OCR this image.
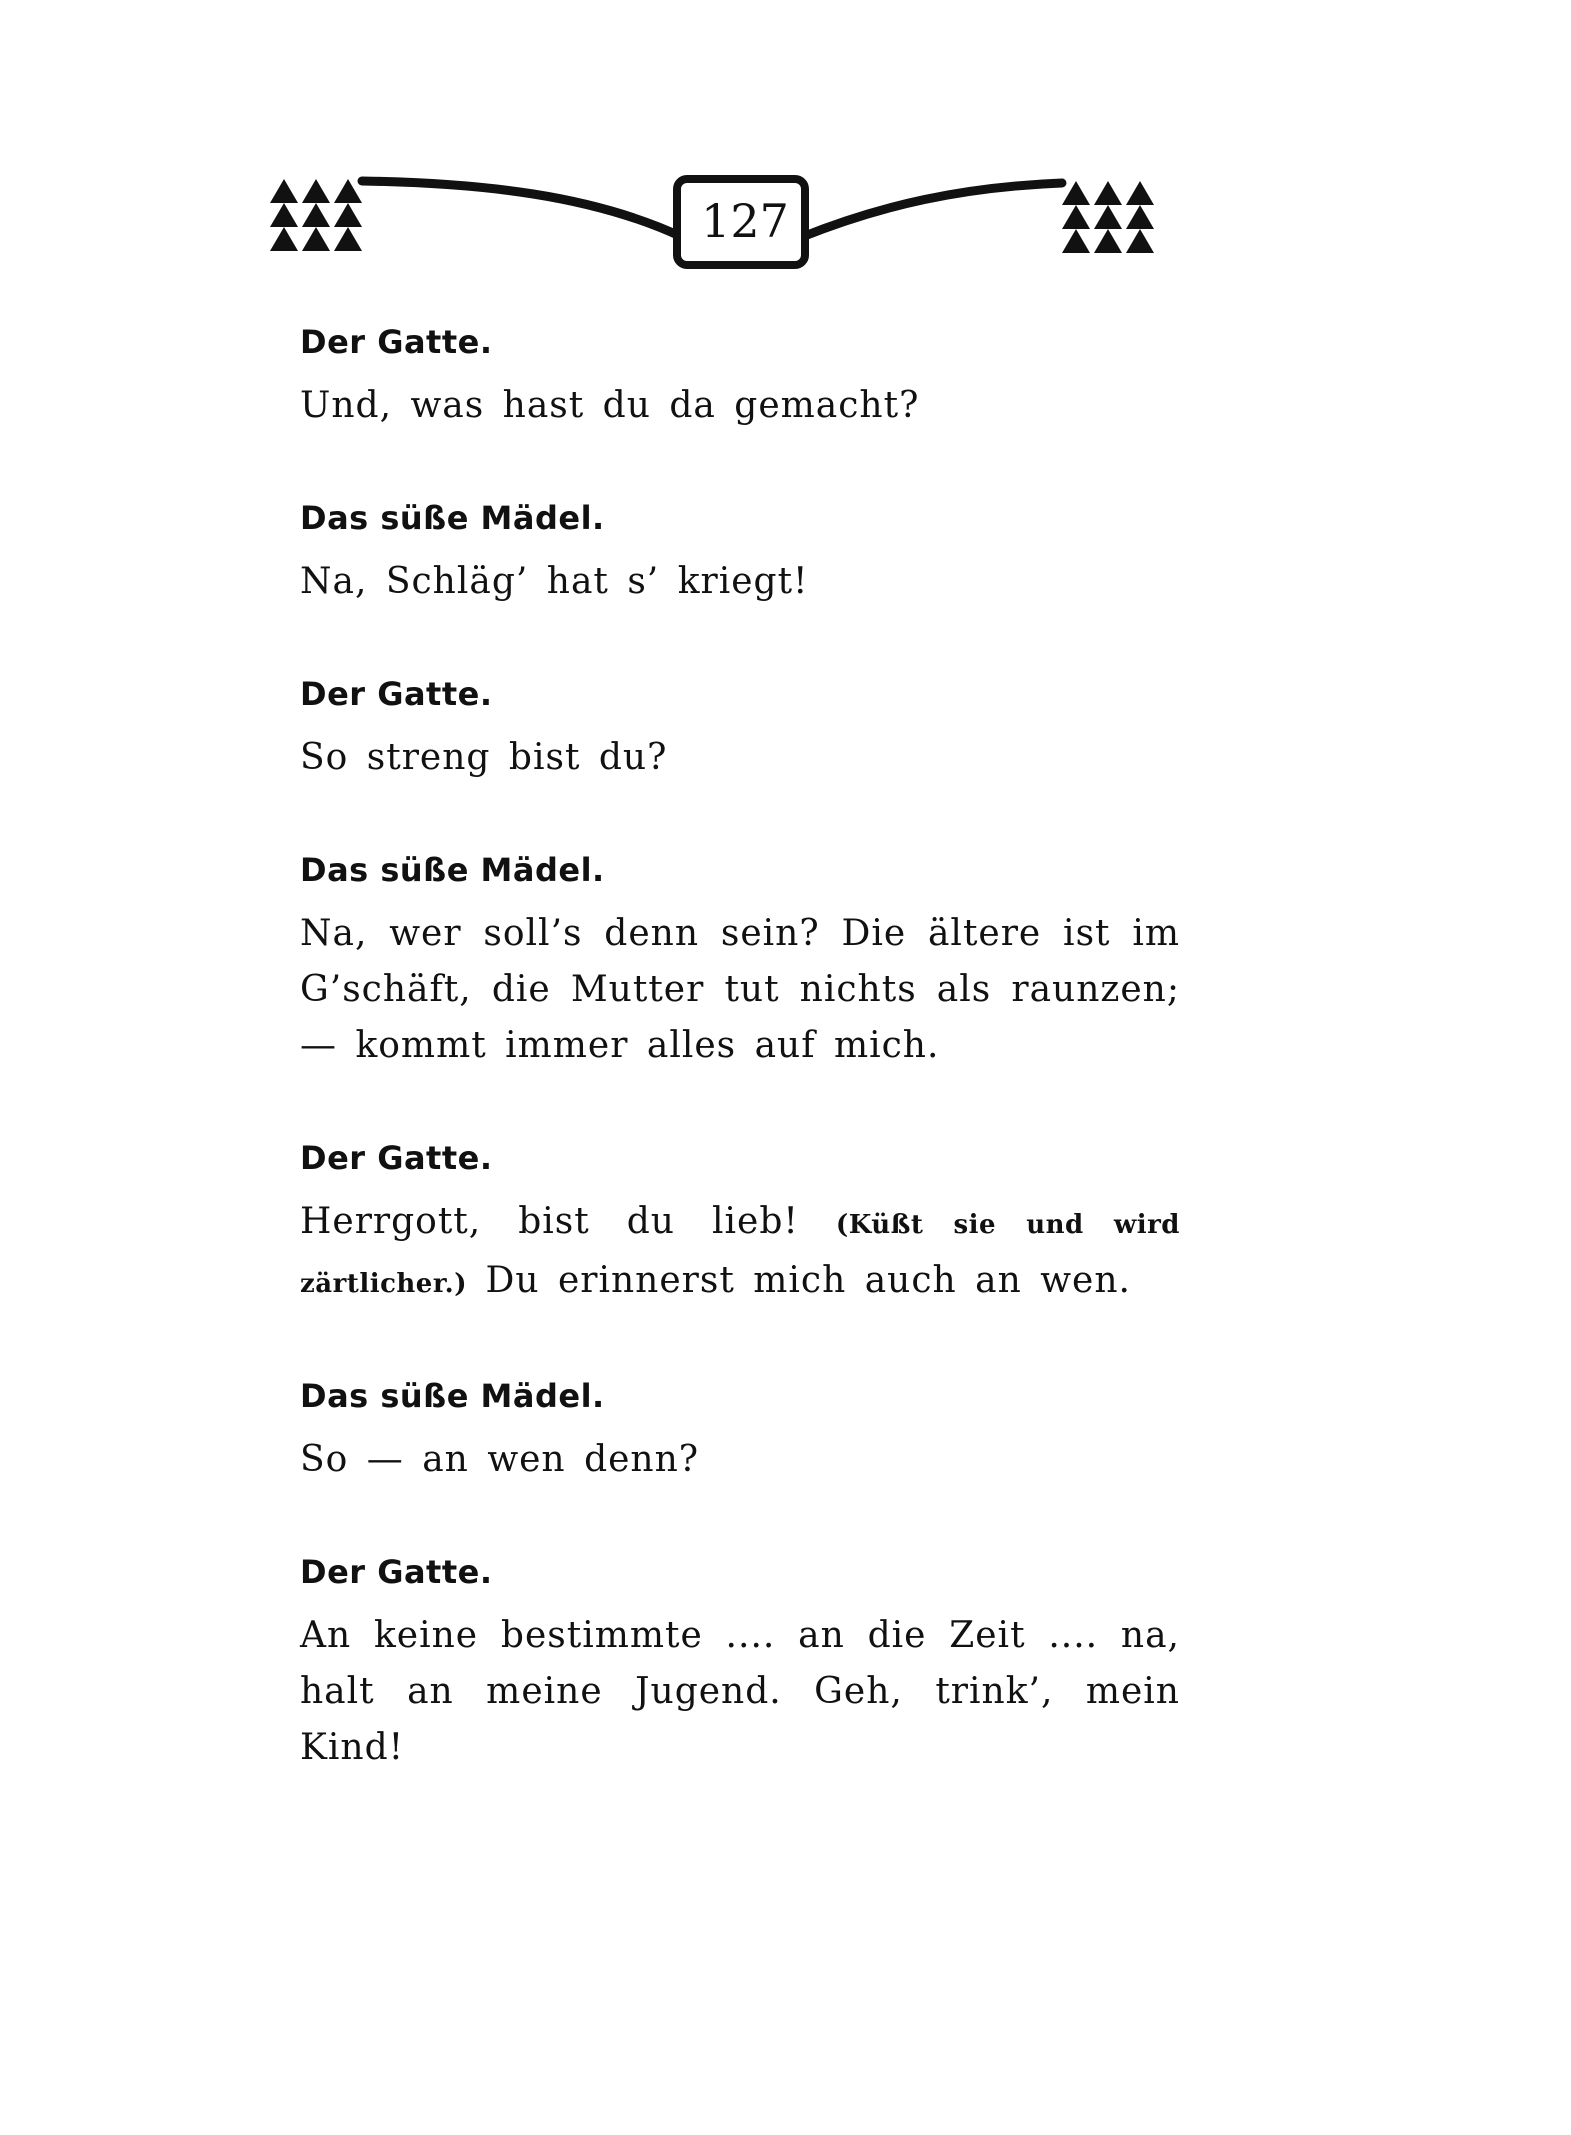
127

Der Gatte.

Und, was hast du da gemacht?

Das süße Mädel.

Na, Schläg’ hat s’ kriegt!

Der Gatte.

So streng bist du?

Das süße Mädel.

Na, wer soll’s denn sein? Die ältere ist im G’schäft, die Mutter tut nichts als raunzen; — kommt immer alles auf mich.

Der Gatte.

Herrgott, bist du lieb! (Küßt sie und wird zärtlicher.) Du erinnerst mich auch an wen.

Das süße Mädel.

So — an wen denn?

Der Gatte.

An keine bestimmte .... an die Zeit .... na, halt an meine Jugend. Geh, trink’, mein Kind!
